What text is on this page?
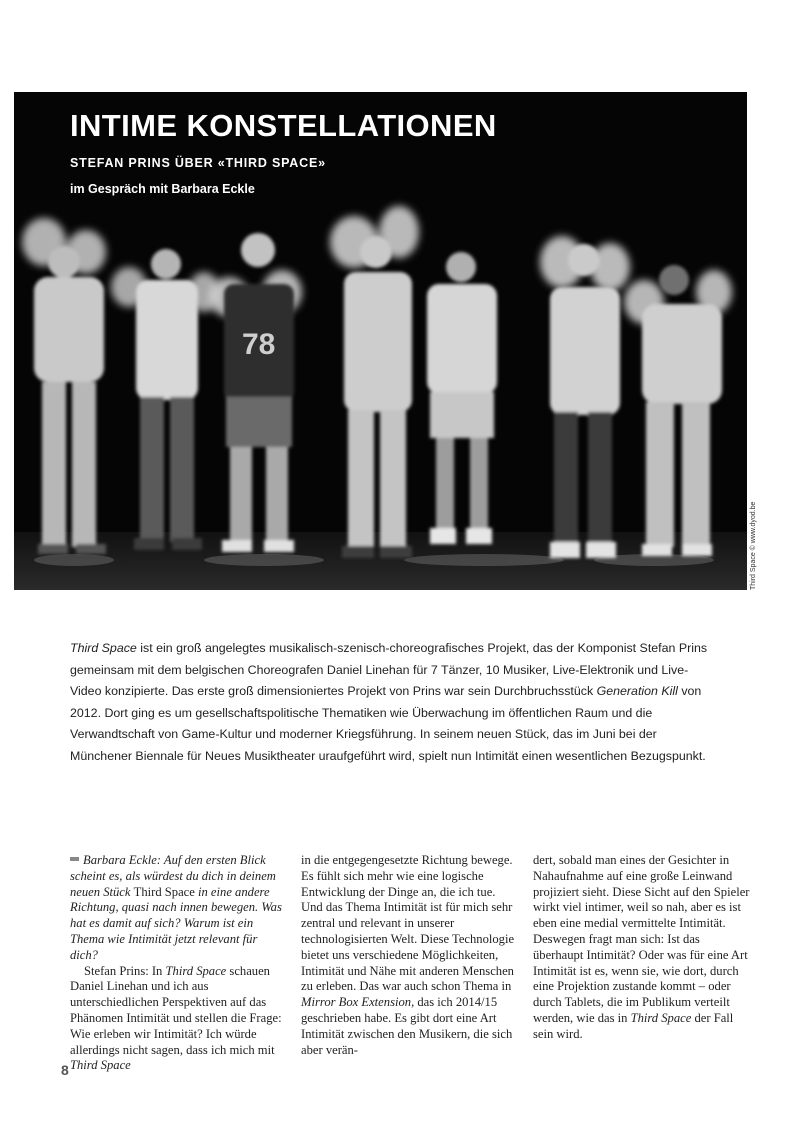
78
INTIME KONSTELLATIONEN
STEFAN PRINS ÜBER «THIRD SPACE»
im Gespräch mit Barbara Eckle
Third Space © www.dyod.be

Third Space ist ein groß angelegtes musikalisch-szenisch-choreografisches Projekt, das der Komponist Stefan Prins gemeinsam mit dem belgischen Choreografen Daniel Linehan für 7 Tänzer, 10 Musiker, Live-Elektronik und Live-Video konzipierte. Das erste groß dimensioniertes Projekt von Prins war sein Durchbruchsstück Generation Kill von 2012. Dort ging es um gesellschaftspolitische Thematiken wie Überwachung im öffentlichen Raum und die Verwandtschaft von Game-Kultur und moderner Kriegsführung. In seinem neuen Stück, das im Juni bei der Münchener Biennale für Neues Musiktheater uraufgeführt wird, spielt nun Intimität einen wesentlichen Bezugspunkt.

Barbara Eckle: Auf den ersten Blick scheint es, als würdest du dich in deinem neuen Stück Third Space in eine andere Richtung, quasi nach innen bewegen. Was hat es damit auf sich? Warum ist ein Thema wie Intimität jetzt relevant für dich?

Stefan Prins: In Third Space schauen Daniel Linehan und ich aus unterschiedlichen Perspektiven auf das Phänomen Intimität und stellen die Frage: Wie erleben wir Intimität? Ich würde allerdings nicht sagen, dass ich mich mit Third Space

in die entgegengesetzte Richtung bewege. Es fühlt sich mehr wie eine logische Entwicklung der Dinge an, die ich tue. Und das Thema Intimität ist für mich sehr zentral und relevant in unserer technologisierten Welt. Diese Technologie bietet uns verschiedene Möglichkeiten, Intimität und Nähe mit anderen Menschen zu erleben. Das war auch schon Thema in Mirror Box Extension, das ich 2014/15 geschrieben habe. Es gibt dort eine Art Intimität zwischen den Musikern, die sich aber verän-

dert, sobald man eines der Gesichter in Nahaufnahme auf eine große Leinwand projiziert sieht. Diese Sicht auf den Spieler wirkt viel intimer, weil so nah, aber es ist eben eine medial vermittelte Intimität. Deswegen fragt man sich: Ist das überhaupt Intimität? Oder was für eine Art Intimität ist es, wenn sie, wie dort, durch eine Projektion zustande kommt – oder durch Tablets, die im Publikum verteilt werden, wie das in Third Space der Fall sein wird.

8
